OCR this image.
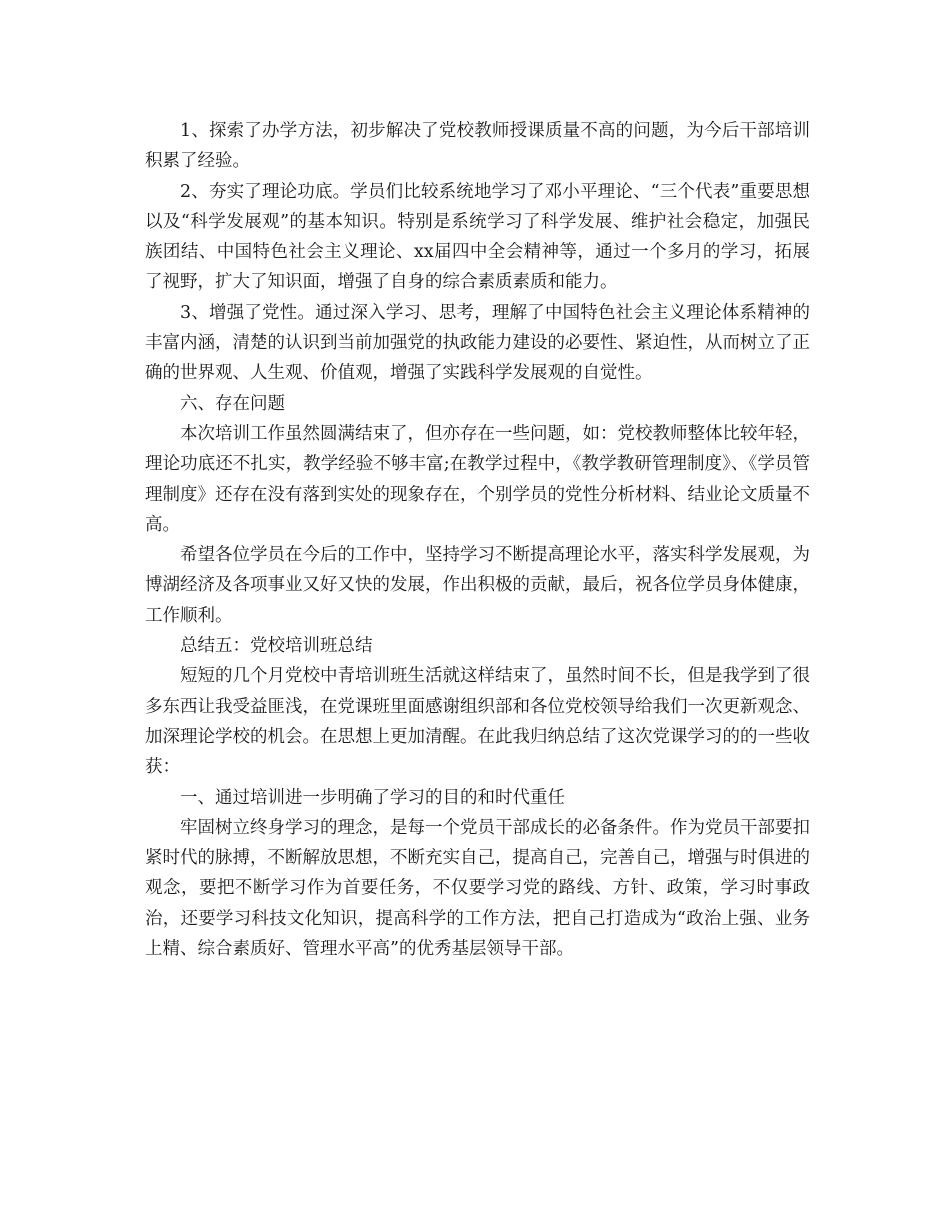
1、探索了办学方法，初步解决了党校教师授课质量不高的问题，为今后干部培训积累了经验。

2、夯实了理论功底。学员们比较系统地学习了邓小平理论、“三个代表”重要思想以及“科学发展观”的基本知识。特别是系统学习了科学发展、维护社会稳定，加强民族团结、中国特色社会主义理论、xx届四中全会精神等，通过一个多月的学习，拓展了视野，扩大了知识面，增强了自身的综合素质素质和能力。

3、增强了党性。通过深入学习、思考，理解了中国特色社会主义理论体系精神的丰富内涵，清楚的认识到当前加强党的执政能力建设的必要性、紧迫性，从而树立了正确的世界观、人生观、价值观，增强了实践科学发展观的自觉性。

六、存在问题

本次培训工作虽然圆满结束了，但亦存在一些问题，如：党校教师整体比较年轻，理论功底还不扎实，教学经验不够丰富;在教学过程中，《教学教研管理制度》、《学员管理制度》还存在没有落到实处的现象存在，个别学员的党性分析材料、结业论文质量不高。

希望各位学员在今后的工作中，坚持学习不断提高理论水平，落实科学发展观，为博湖经济及各项事业又好又快的发展，作出积极的贡献，最后，祝各位学员身体健康，工作顺利。

总结五：党校培训班总结

短短的几个月党校中青培训班生活就这样结束了，虽然时间不长，但是我学到了很多东西让我受益匪浅，在党课班里面感谢组织部和各位党校领导给我们一次更新观念、加深理论学校的机会。在思想上更加清醒。在此我归纳总结了这次党课学习的的一些收获：

一、通过培训进一步明确了学习的目的和时代重任

牢固树立终身学习的理念，是每一个党员干部成长的必备条件。作为党员干部要扣紧时代的脉搏，不断解放思想，不断充实自己，提高自己，完善自己，增强与时俱进的观念，要把不断学习作为首要任务，不仅要学习党的路线、方针、政策，学习时事政治，还要学习科技文化知识，提高科学的工作方法，把自己打造成为“政治上强、业务上精、综合素质好、管理水平高”的优秀基层领导干部。
